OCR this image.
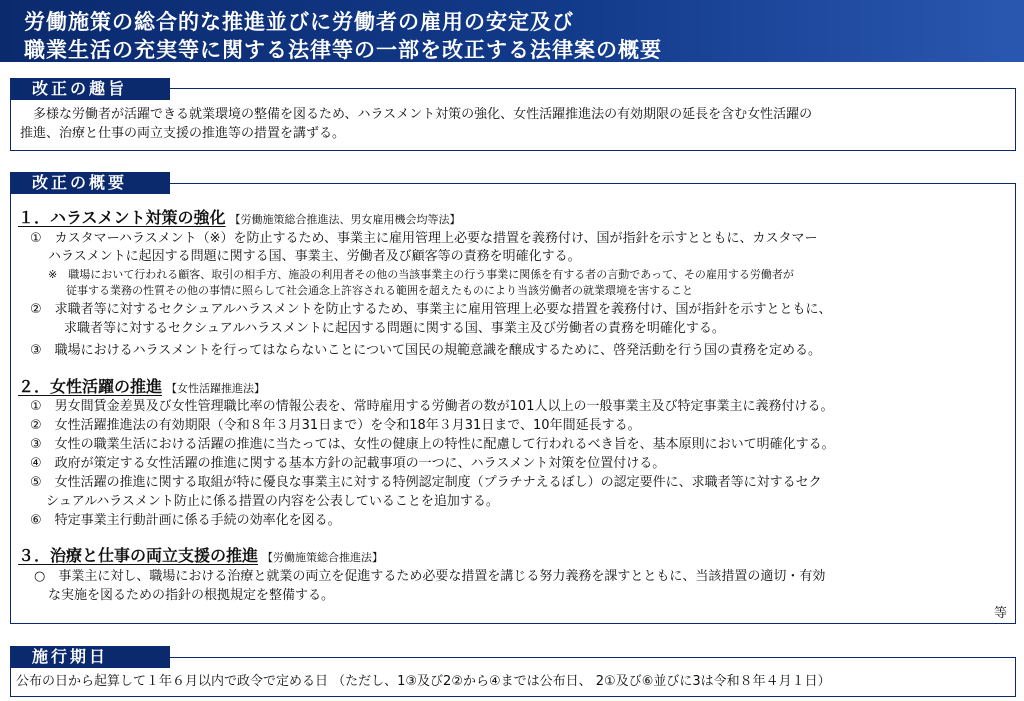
労働施策の総合的な推進並びに労働者の雇用の安定及び
職業生活の充実等に関する法律等の一部を改正する法律案の概要
改正の趣旨
　多様な労働者が活躍できる就業環境の整備を図るため、ハラスメント対策の強化、女性活躍推進法の有効期限の延長を含む女性活躍の
推進、治療と仕事の両立支援の推進等の措置を講ずる。
改正の概要
１．ハラスメント対策の強化 【労働施策総合推進法、男女雇用機会均等法】
①　カスタマーハラスメント（※）を防止するため、事業主に雇用管理上必要な措置を義務付け、国が指針を示すとともに、カスタマー
ハラスメントに起因する問題に関する国、事業主、労働者及び顧客等の責務を明確化する。
※　職場において行われる顧客、取引の相手方、施設の利用者その他の当該事業主の行う事業に関係を有する者の言動であって、その雇用する労働者が
従事する業務の性質その他の事情に照らして社会通念上許容される範囲を超えたものにより当該労働者の就業環境を害すること
②　求職者等に対するセクシュアルハラスメントを防止するため、事業主に雇用管理上必要な措置を義務付け、国が指針を示すとともに、
求職者等に対するセクシュアルハラスメントに起因する問題に関する国、事業主及び労働者の責務を明確化する。
③　職場におけるハラスメントを行ってはならないことについて国民の規範意識を醸成するために、啓発活動を行う国の責務を定める。
２．女性活躍の推進 【女性活躍推進法】
①　男女間賃金差異及び女性管理職比率の情報公表を、常時雇用する労働者の数が101人以上の一般事業主及び特定事業主に義務付ける。
②　女性活躍推進法の有効期限（令和８年３月31日まで）を令和18年３月31日まで、10年間延長する。
③　女性の職業生活における活躍の推進に当たっては、女性の健康上の特性に配慮して行われるべき旨を、基本原則において明確化する。
④　政府が策定する女性活躍の推進に関する基本方針の記載事項の一つに、ハラスメント対策を位置付ける。
⑤　女性活躍の推進に関する取組が特に優良な事業主に対する特例認定制度（プラチナえるぼし）の認定要件に、求職者等に対するセク
シュアルハラスメント防止に係る措置の内容を公表していることを追加する。
⑥　特定事業主行動計画に係る手続の効率化を図る。
３．治療と仕事の両立支援の推進 【労働施策総合推進法】
○　事業主に対し、職場における治療と就業の両立を促進するため必要な措置を講じる努力義務を課すとともに、当該措置の適切・有効
な実施を図るための指針の根拠規定を整備する。
等
施行期日
公布の日から起算して１年６月以内で政令で定める日 （ただし、1③及び2②から④までは公布日、 2①及び⑥並びに3は令和８年４月１日）
